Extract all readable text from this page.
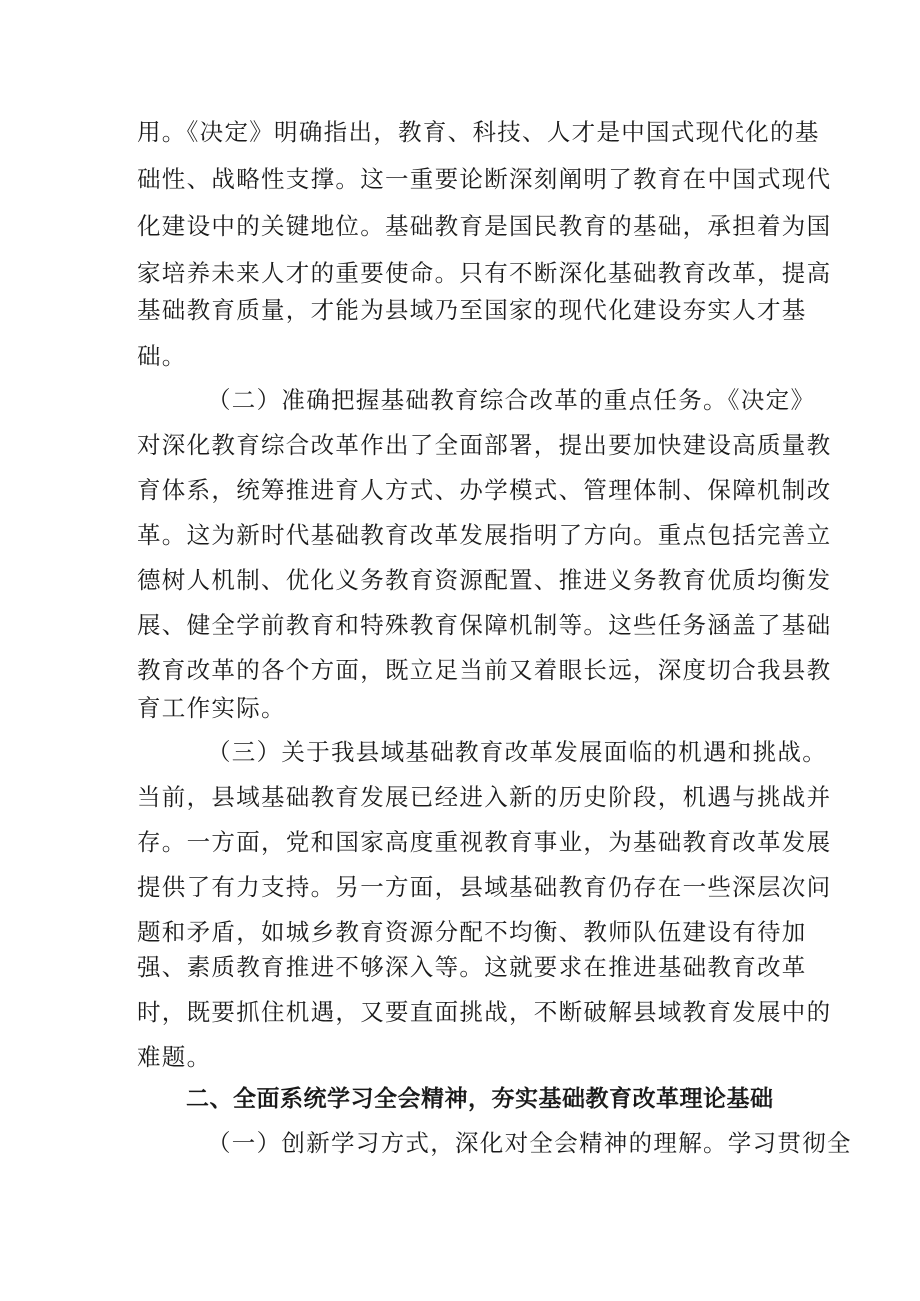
用。《决定》明确指出，教育、科技、人才是中国式现代化的基
础性、战略性支撑。这一重要论断深刻阐明了教育在中国式现代
化建设中的关键地位。基础教育是国民教育的基础，承担着为国
家培养未来人才的重要使命。只有不断深化基础教育改革，提高
基础教育质量，才能为县域乃至国家的现代化建设夯实人才基
础。
（二）准确把握基础教育综合改革的重点任务。《决定》
对深化教育综合改革作出了全面部署，提出要加快建设高质量教
育体系，统筹推进育人方式、办学模式、管理体制、保障机制改
革。这为新时代基础教育改革发展指明了方向。重点包括完善立
德树人机制、优化义务教育资源配置、推进义务教育优质均衡发
展、健全学前教育和特殊教育保障机制等。这些任务涵盖了基础
教育改革的各个方面，既立足当前又着眼长远，深度切合我县教
育工作实际。
（三）关于我县域基础教育改革发展面临的机遇和挑战。
当前，县域基础教育发展已经进入新的历史阶段，机遇与挑战并
存。一方面，党和国家高度重视教育事业，为基础教育改革发展
提供了有力支持。另一方面，县域基础教育仍存在一些深层次问
题和矛盾，如城乡教育资源分配不均衡、教师队伍建设有待加
强、素质教育推进不够深入等。这就要求在推进基础教育改革
时，既要抓住机遇，又要直面挑战，不断破解县域教育发展中的
难题。
二、全面系统学习全会精神，夯实基础教育改革理论基础
（一）创新学习方式，深化对全会精神的理解。学习贯彻全
